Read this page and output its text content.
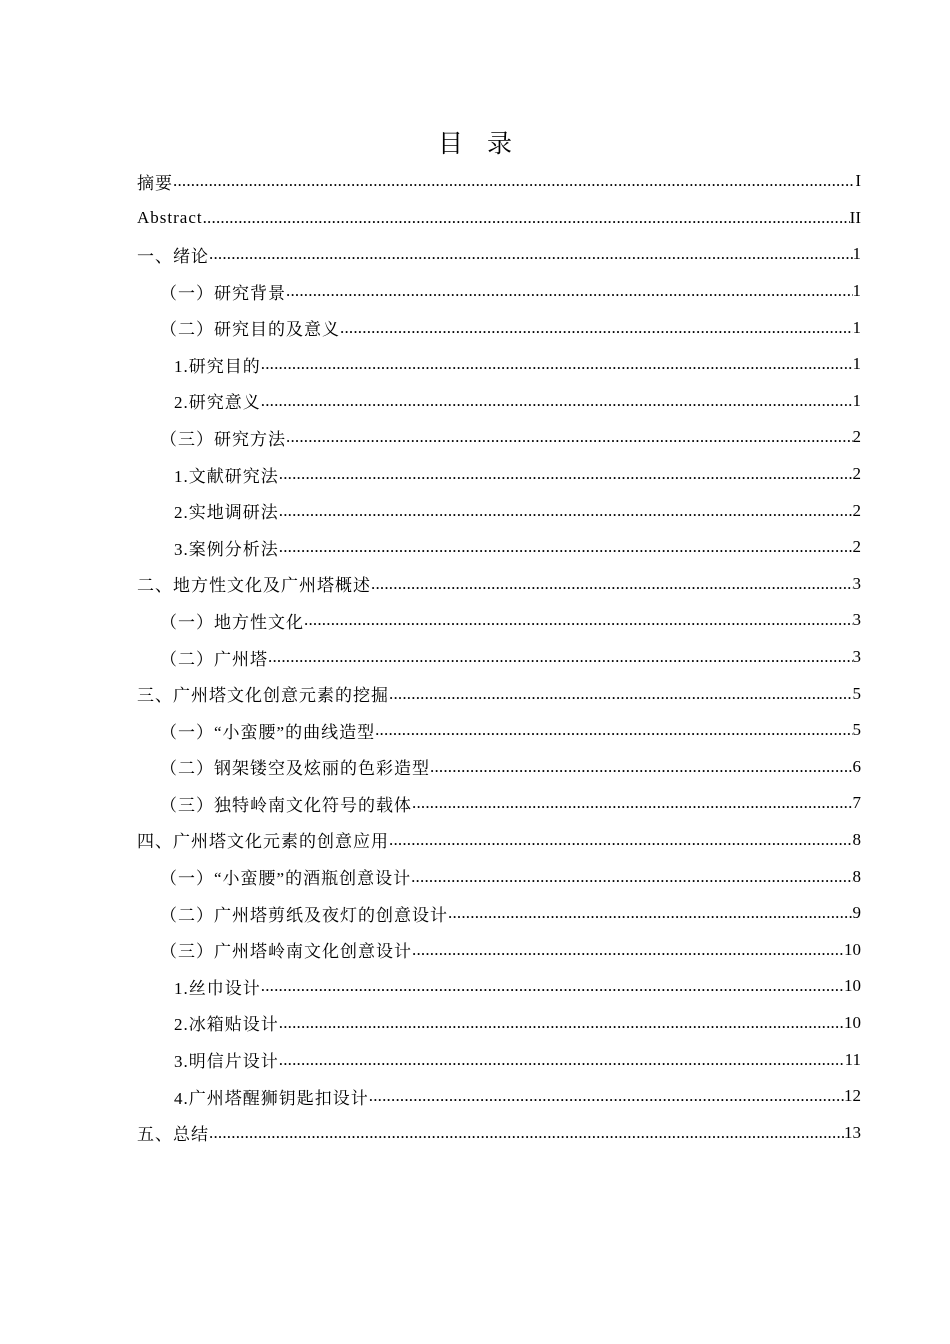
目 录
摘要 .....	I
Abstract .....	II
一、绪论 .....	1
（一）研究背景 .....	1
（二）研究目的及意义 .....	1
1.研究目的 .....	1
2.研究意义 .....	1
（三）研究方法 .....	2
1.文献研究法 .....	2
2.实地调研法 .....	2
3.案例分析法 .....	2
二、地方性文化及广州塔概述 .....	3
（一）地方性文化 .....	3
（二）广州塔 .....	3
三、广州塔文化创意元素的挖掘 .....	5
（一）“小蛮腰”的曲线造型 .....	5
（二）钢架镂空及炫丽的色彩造型 .....	6
（三）独特岭南文化符号的载体 .....	7
四、广州塔文化元素的创意应用 .....	8
（一）“小蛮腰”的酒瓶创意设计 .....	8
（二）广州塔剪纸及夜灯的创意设计 .....	9
（三）广州塔岭南文化创意设计 .....	10
1.丝巾设计 .....	10
2.冰箱贴设计 .....	10
3.明信片设计 .....	11
4.广州塔醒狮钥匙扣设计 .....	12
五、总结 .....	13
